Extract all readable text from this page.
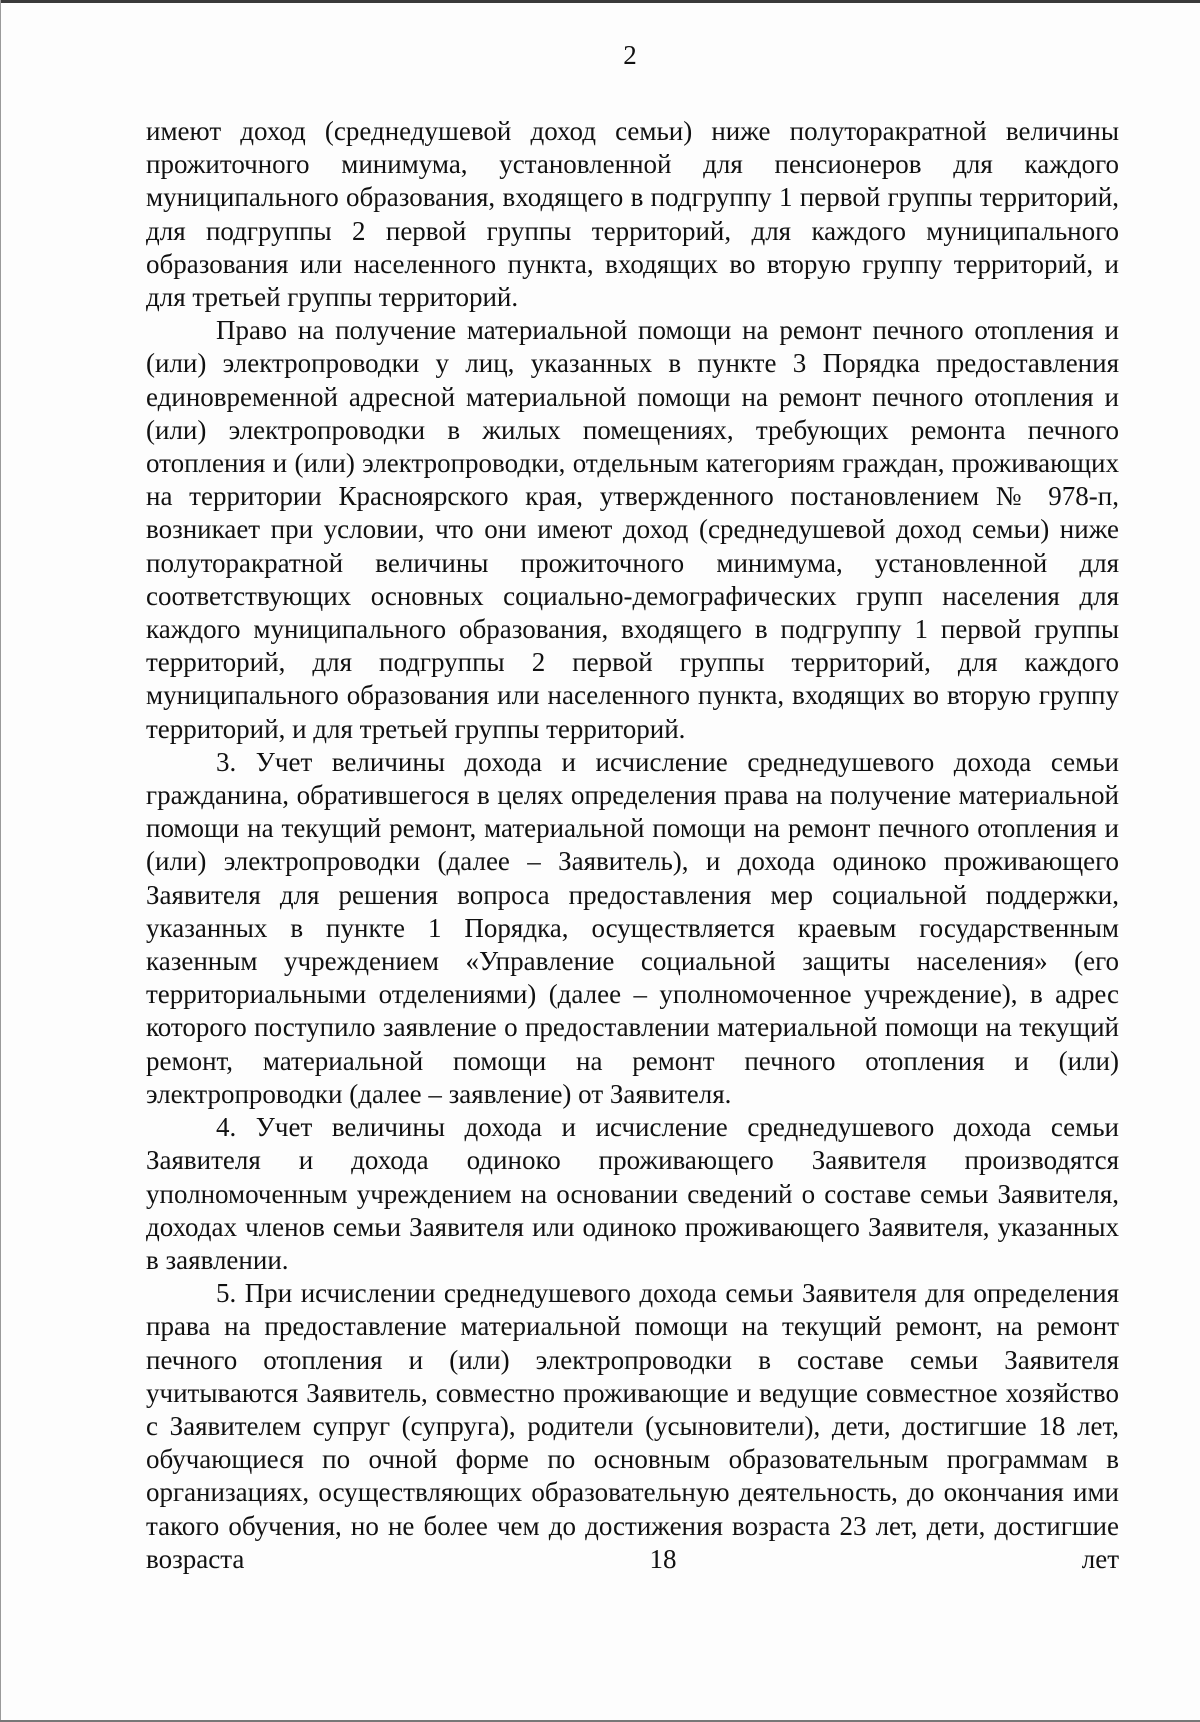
2

имеют доход (среднедушевой доход семьи) ниже полуторакратной величины прожиточного минимума, установленной для пенсионеров для каждого муниципального образования, входящего в подгруппу 1 первой группы территорий, для подгруппы 2 первой группы территорий, для каждого муниципального образования или населенного пункта, входящих во вторую группу территорий, и для третьей группы территорий.

Право на получение материальной помощи на ремонт печного отопления и (или) электропроводки у лиц, указанных в пункте 3 Порядка предоставления единовременной адресной материальной помощи на ремонт печного отопления и (или) электропроводки в жилых помещениях, требующих ремонта печного отопления и (или) электропроводки, отдельным категориям граждан, проживающих на территории Красноярского края, утвержденного постановлением № 978-п, возникает при условии, что они имеют доход (среднедушевой доход семьи) ниже полуторакратной величины прожиточного минимума, установленной для соответствующих основных социально-демографических групп населения для каждого муниципального образования, входящего в подгруппу 1 первой группы территорий, для подгруппы 2 первой группы территорий, для каждого муниципального образования или населенного пункта, входящих во вторую группу территорий, и для третьей группы территорий.

3. Учет величины дохода и исчисление среднедушевого дохода семьи гражданина, обратившегося в целях определения права на получение материальной помощи на текущий ремонт, материальной помощи на ремонт печного отопления и (или) электропроводки (далее – Заявитель), и дохода одиноко проживающего Заявителя для решения вопроса предоставления мер социальной поддержки, указанных в пункте 1 Порядка, осуществляется краевым государственным казенным учреждением «Управление социальной защиты населения» (его территориальными отделениями) (далее – уполномоченное учреждение), в адрес которого поступило заявление о предоставлении материальной помощи на текущий ремонт, материальной помощи на ремонт печного отопления и (или) электропроводки (далее – заявление) от Заявителя.

4. Учет величины дохода и исчисление среднедушевого дохода семьи Заявителя и дохода одиноко проживающего Заявителя производятся уполномоченным учреждением на основании сведений о составе семьи Заявителя, доходах членов семьи Заявителя или одиноко проживающего Заявителя, указанных в заявлении.

5. При исчислении среднедушевого дохода семьи Заявителя для определения права на предоставление материальной помощи на текущий ремонт, на ремонт печного отопления и (или) электропроводки в составе семьи Заявителя учитываются Заявитель, совместно проживающие и ведущие совместное хозяйство с Заявителем супруг (супруга), родители (усыновители), дети, достигшие 18 лет, обучающиеся по очной форме по основным образовательным программам в организациях, осуществляющих образовательную деятельность, до окончания ими такого обучения, но не более чем до достижения возраста 23 лет, дети, достигшие возраста 18 лет
